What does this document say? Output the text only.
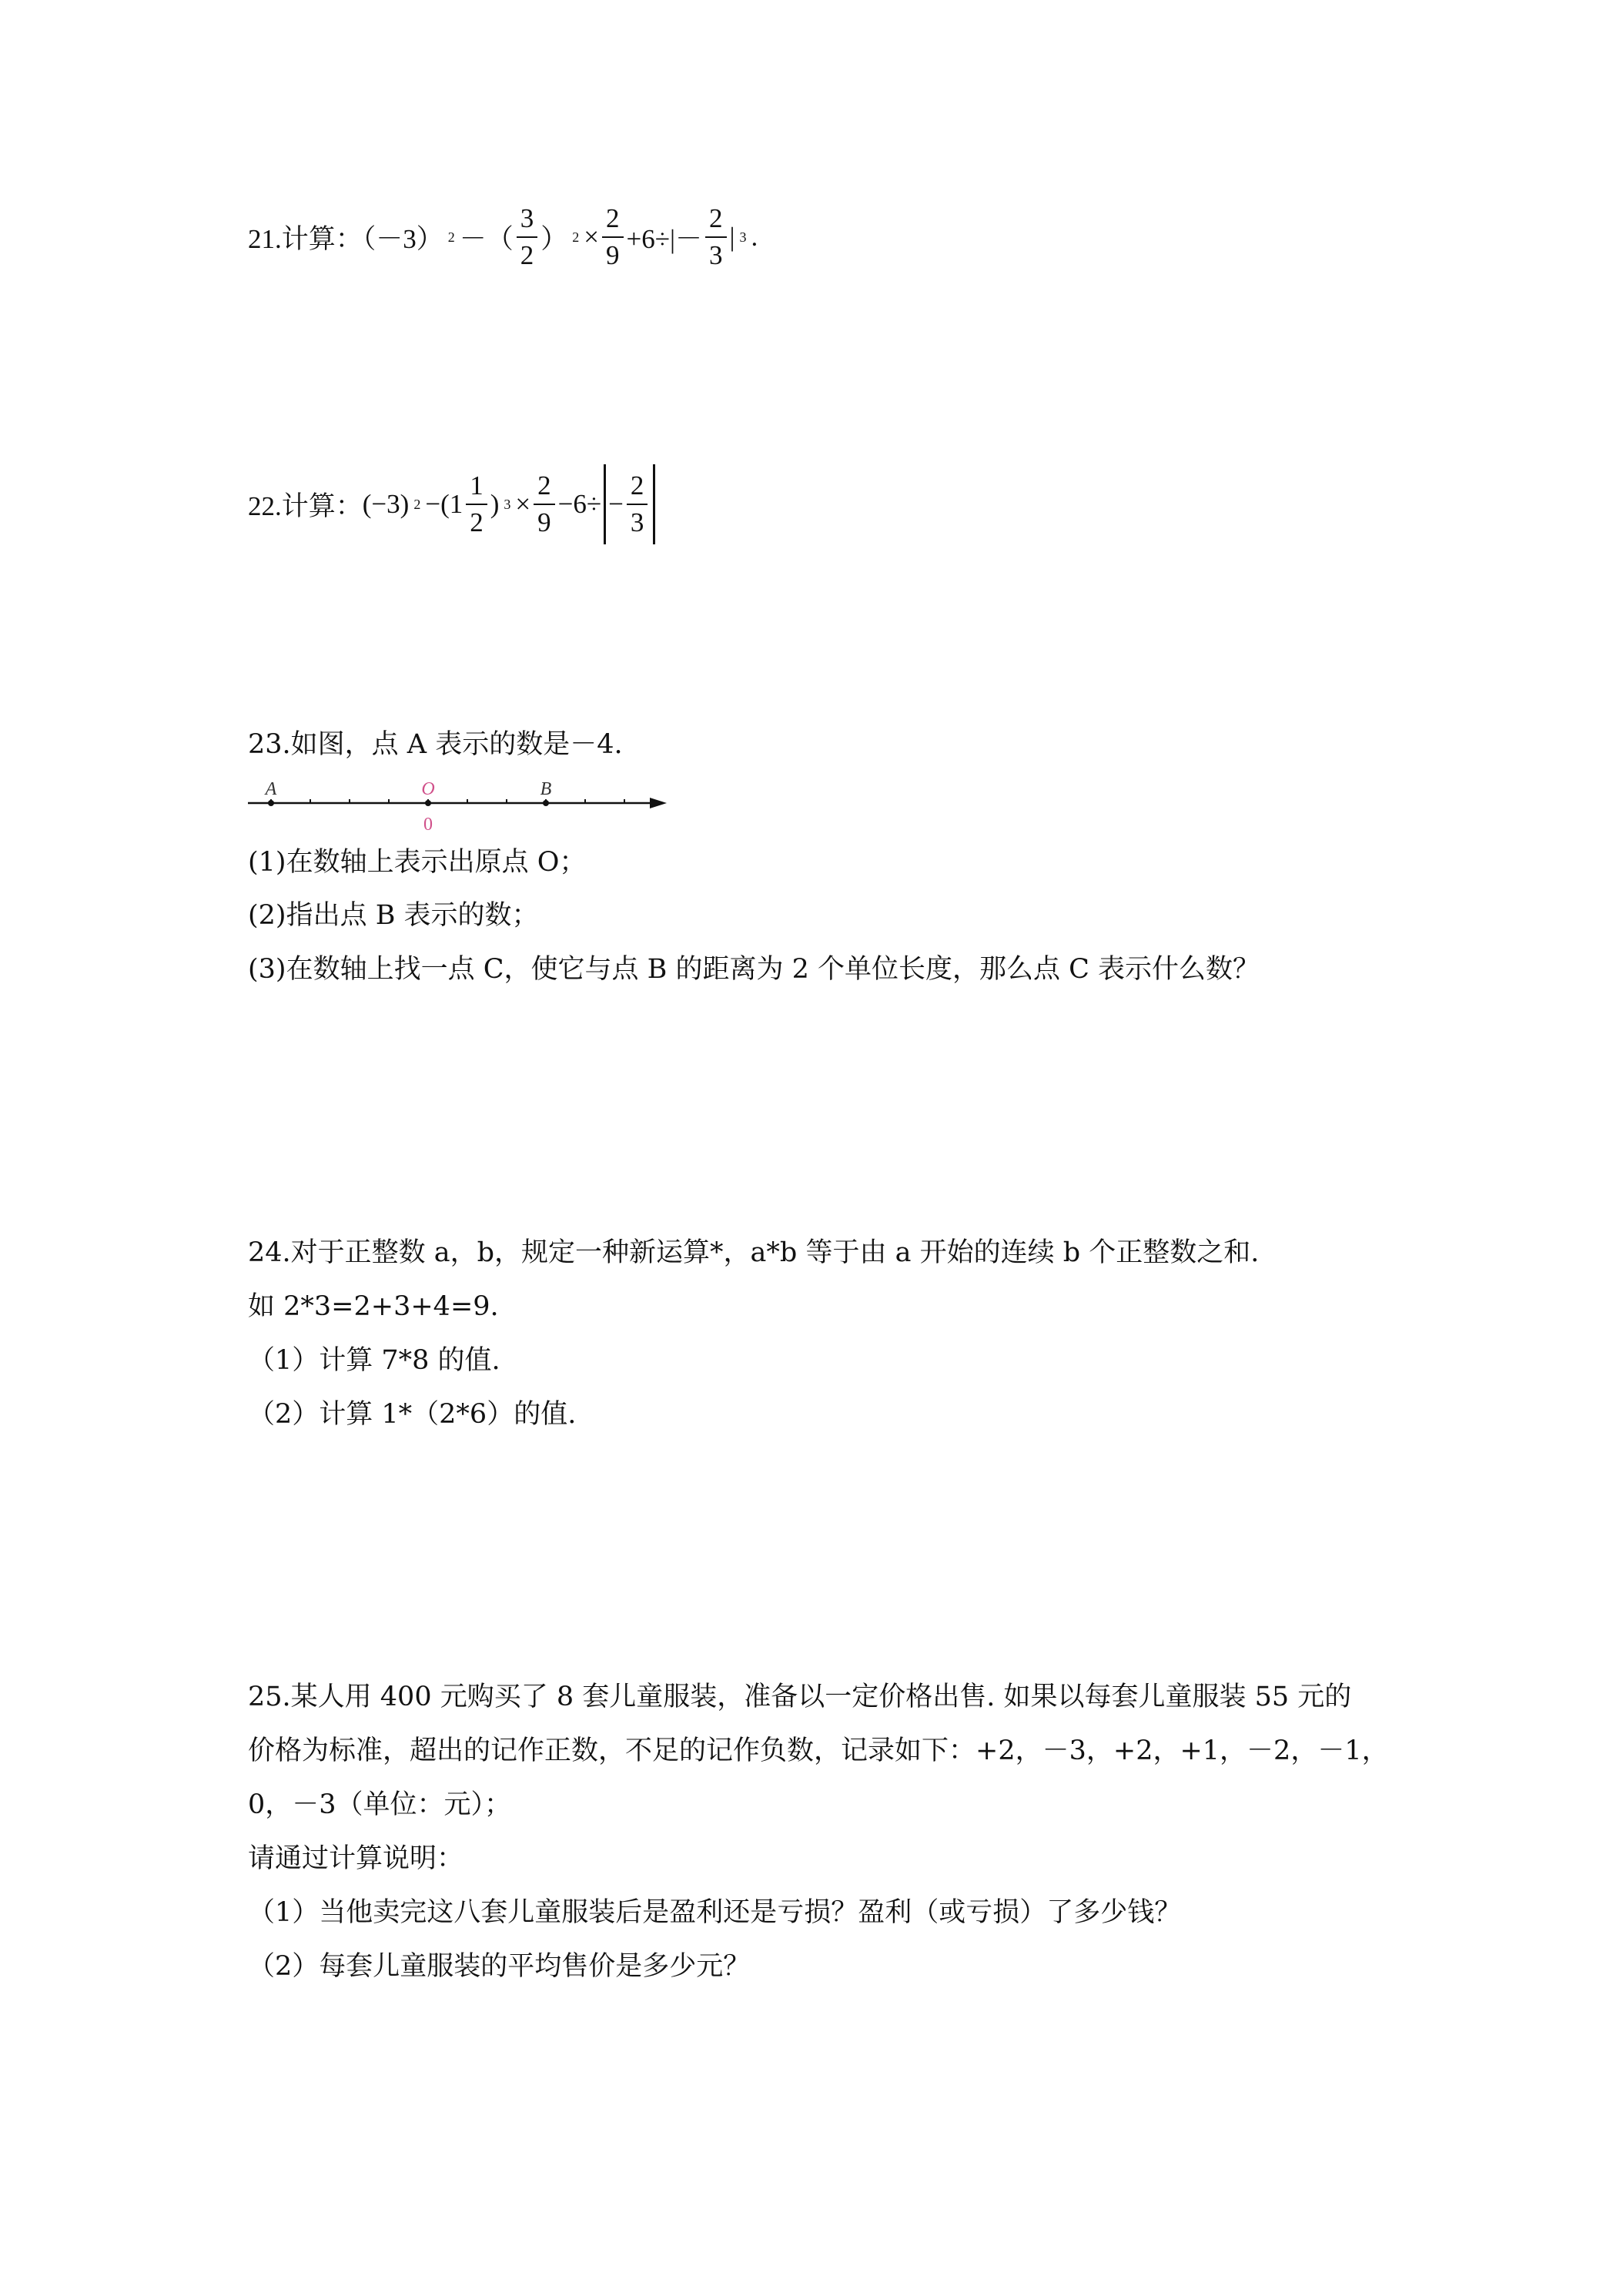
21.计算：（－3） 2 －（ $\frac{3}{2}$ ） $2 \times \frac{2}{9} +6\div|- \frac{2}{3}$ | 3 .
22.计算： (−3) $2 -(1 \frac{1}{2}$ ) $3 \times \frac{2}{9} -6\div - \frac{2}{3}$
23.如图，点 A 表示的数是－4.
A	O
0
B
(1)在数轴上表示出原点 O；
(2)指出点 B 表示的数；
(3)在数轴上找一点 C，使它与点 B 的距离为 2 个单位长度，那么点 C 表示什么数？
24.对于正整数 a，b，规定一种新运算*，a*b 等于由 a 开始的连续 b 个正整数之和.
如 2*3=2+3+4=9.
（1）计算 7*8 的值.
（2）计算 1*（2*6）的值.
25.某人用 400 元购买了 8 套儿童服装，准备以一定价格出售. 如果以每套儿童服装 55 元的
价格为标准，超出的记作正数，不足的记作负数，记录如下：+2，－3，+2，+1，－2，－1，
0，－3（单位：元）；
请通过计算说明：
（1）当他卖完这八套儿童服装后是盈利还是亏损？盈利（或亏损）了多少钱？
（2）每套儿童服装的平均售价是多少元？
